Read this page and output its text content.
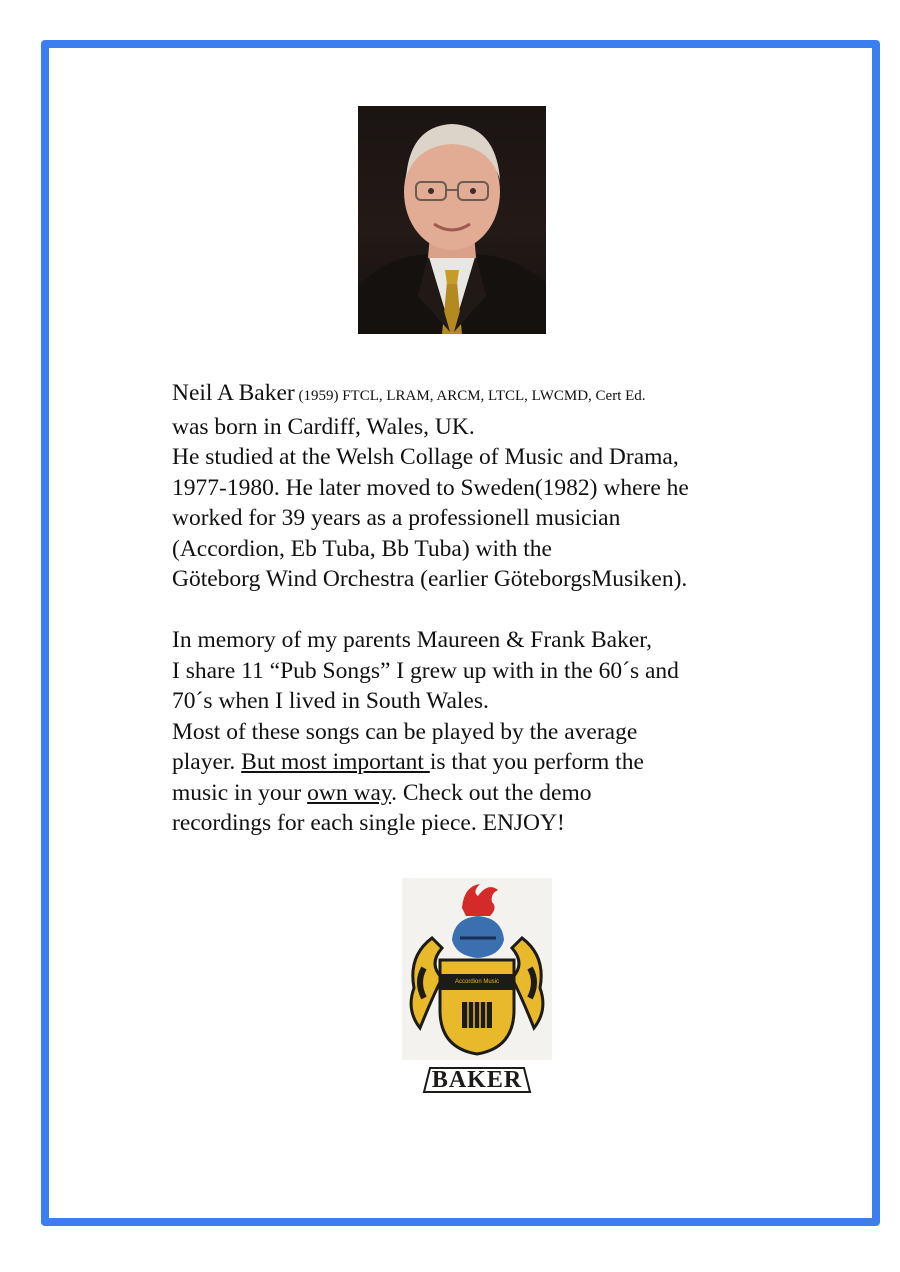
Neil A Baker (1959) FTCL, LRAM, ARCM, LTCL, LWCMD, Cert Ed.

was born in Cardiff, Wales, UK.

He studied at the Welsh Collage of Music and Drama,

1977-1980. He later moved to Sweden(1982) where he

worked for 39 years as a professionell musician

(Accordion, Eb Tuba, Bb Tuba) with the

Göteborg Wind Orchestra (earlier GöteborgsMusiken).

In memory of my parents Maureen & Frank Baker,

I share 11 “Pub Songs” I grew up with in the 60´s and

70´s when I lived in South Wales.

Most of these songs can be played by the average

player. But most important is that you perform the

music in your own way. Check out the demo

recordings for each single piece. ENJOY!

Accordion Music
BAKER
